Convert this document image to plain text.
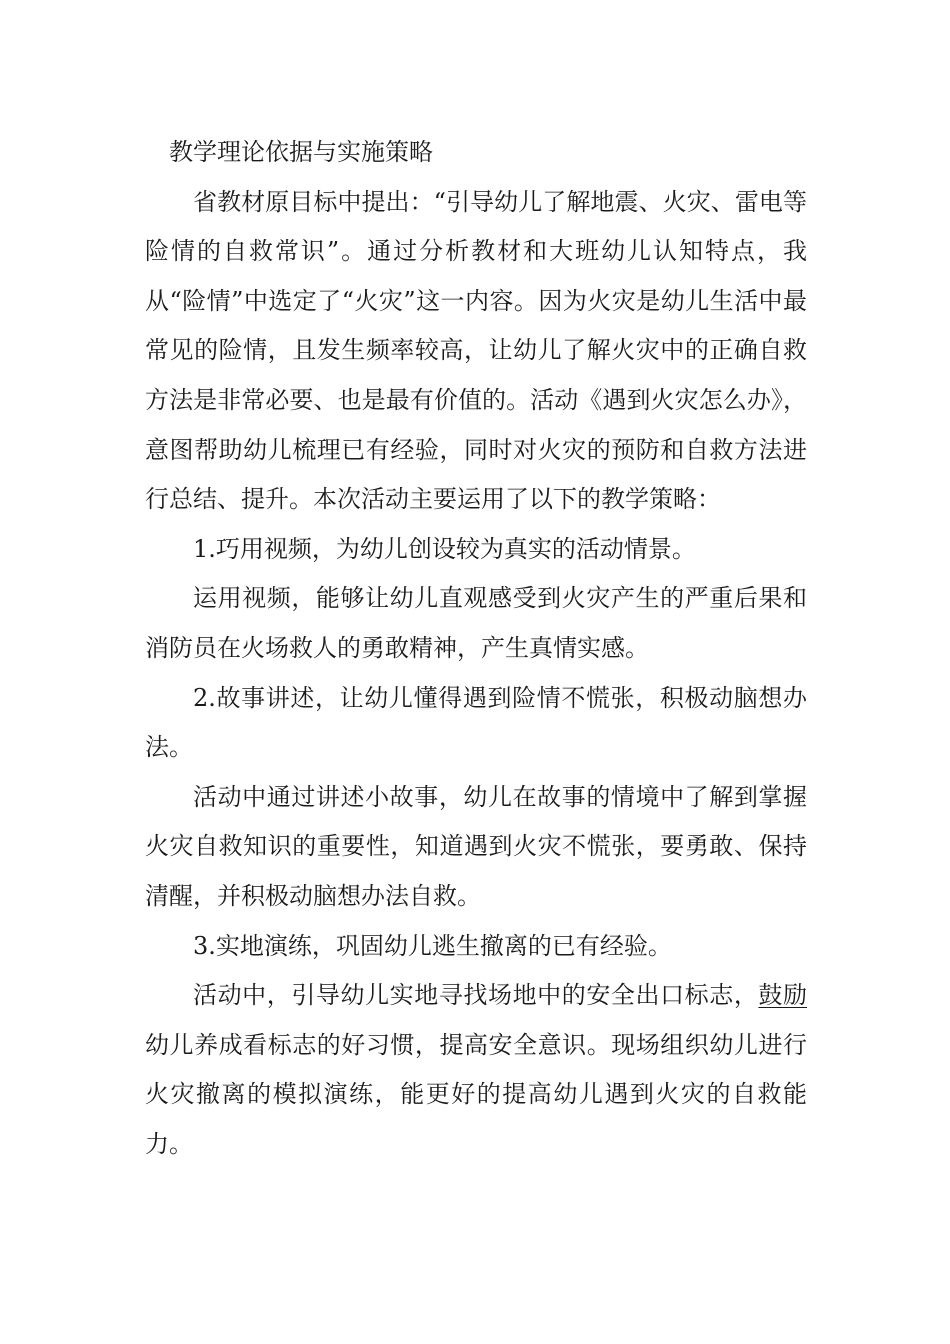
教学理论依据与实施策略

省教材原目标中提出：“引导幼儿了解地震、火灾、雷电等险情的自救常识”。通过分析教材和大班幼儿认知特点，我从“险情”中选定了“火灾”这一内容。因为火灾是幼儿生活中最常见的险情，且发生频率较高，让幼儿了解火灾中的正确自救方法是非常必要、也是最有价值的。活动《遇到火灾怎么办》，意图帮助幼儿梳理已有经验，同时对火灾的预防和自救方法进行总结、提升。本次活动主要运用了以下的教学策略：

1.巧用视频，为幼儿创设较为真实的活动情景。

运用视频，能够让幼儿直观感受到火灾产生的严重后果和消防员在火场救人的勇敢精神，产生真情实感。

2.故事讲述，让幼儿懂得遇到险情不慌张，积极动脑想办法。

活动中通过讲述小故事，幼儿在故事的情境中了解到掌握火灾自救知识的重要性，知道遇到火灾不慌张，要勇敢、保持清醒，并积极动脑想办法自救。

3.实地演练，巩固幼儿逃生撤离的已有经验。

活动中，引导幼儿实地寻找场地中的安全出口标志，鼓励幼儿养成看标志的好习惯，提高安全意识。现场组织幼儿进行火灾撤离的模拟演练，能更好的提高幼儿遇到火灾的自救能力。
